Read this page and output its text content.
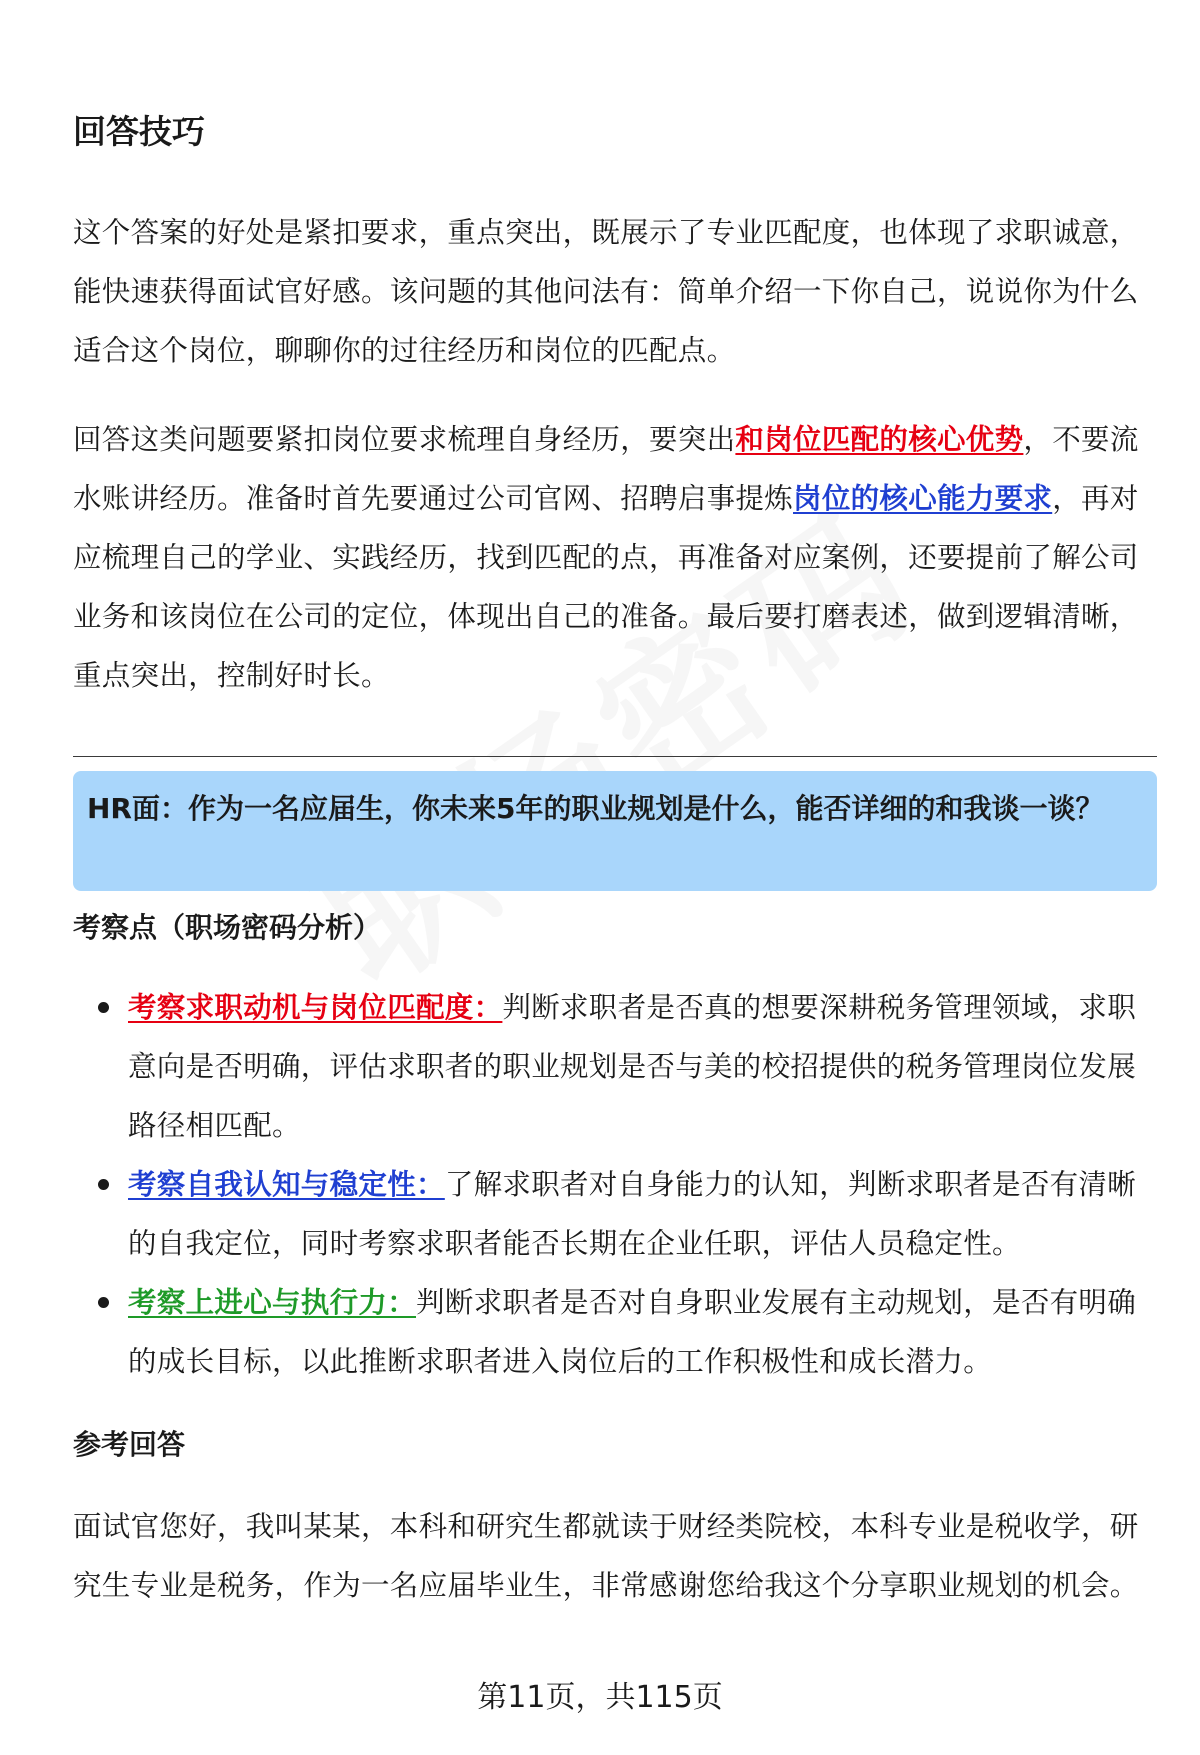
回答技巧

这个答案的好处是紧扣要求，重点突出，既展示了专业匹配度，也体现了求职诚意，能快速获得面试官好感。该问题的其他问法有：简单介绍一下你自己，说说你为什么适合这个岗位，聊聊你的过往经历和岗位的匹配点。

回答这类问题要紧扣岗位要求梳理自身经历，要突出和岗位匹配的核心优势，不要流水账讲经历。准备时首先要通过公司官网、招聘启事提炼岗位的核心能力要求，再对应梳理自己的学业、实践经历，找到匹配的点，再准备对应案例，还要提前了解公司业务和该岗位在公司的定位，体现出自己的准备。最后要打磨表述，做到逻辑清晰，重点突出，控制好时长。

HR面：作为一名应届生，你未来5年的职业规划是什么，能否详细的和我谈一谈？

考察点（职场密码分析）
考察求职动机与岗位匹配度：判断求职者是否真的想要深耕税务管理领域，求职意向是否明确，评估求职者的职业规划是否与美的校招提供的税务管理岗位发展路径相匹配。
考察自我认知与稳定性：了解求职者对自身能力的认知，判断求职者是否有清晰的自我定位，同时考察求职者能否长期在企业任职，评估人员稳定性。
考察上进心与执行力：判断求职者是否对自身职业发展有主动规划，是否有明确的成长目标，以此推断求职者进入岗位后的工作积极性和成长潜力。
参考回答

面试官您好，我叫某某，本科和研究生都就读于财经类院校，本科专业是税收学，研究生专业是税务，作为一名应届毕业生，非常感谢您给我这个分享职业规划的机会。

第11页，共115页
